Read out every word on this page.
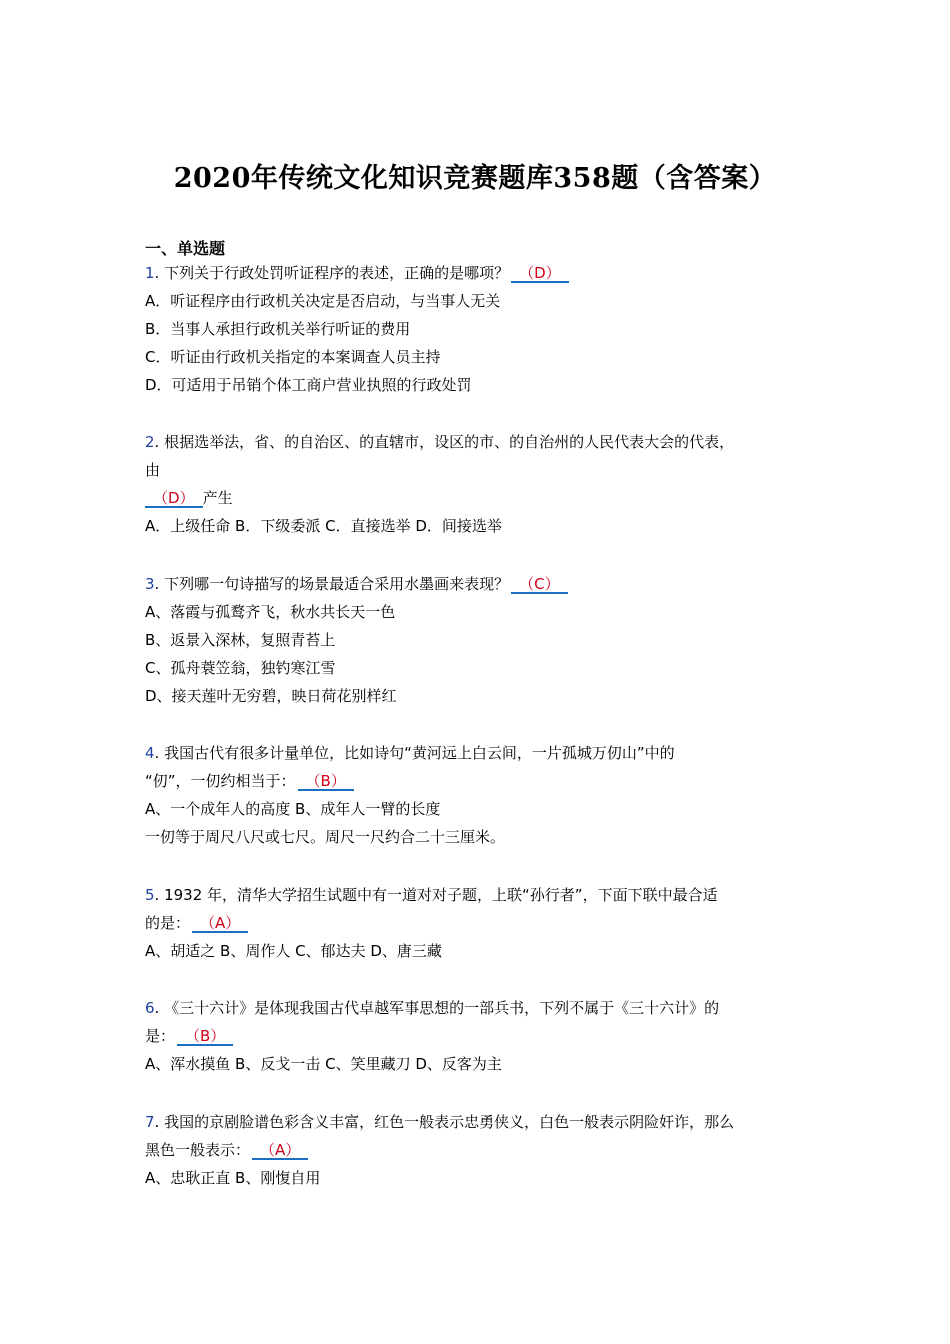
2020年传统文化知识竞赛题库358题（含答案）
一、单选题
1. 下列关于行政处罚听证程序的表述，正确的是哪项？ （D）
A．听证程序由行政机关决定是否启动，与当事人无关
B．当事人承担行政机关举行听证的费用
C．听证由行政机关指定的本案调查人员主持
D．可适用于吊销个体工商户营业执照的行政处罚
2. 根据选举法，省、的自治区、的直辖市，设区的市、的自治州的人民代表大会的代表，
由
（D） 产生
A．上级任命 B．下级委派 C．直接选举 D．间接选举
3. 下列哪一句诗描写的场景最适合采用水墨画来表现？ （C）
A、落霞与孤鹜齐飞，秋水共长天一色
B、返景入深林，复照青苔上
C、孤舟蓑笠翁，独钓寒江雪
D、接天莲叶无穷碧，映日荷花别样红
4. 我国古代有很多计量单位，比如诗句“黄河远上白云间，一片孤城万仞山”中的
“仞”，一仞约相当于： （B）
A、一个成年人的高度 B、成年人一臂的长度
一仞等于周尺八尺或七尺。周尺一尺约合二十三厘米。
5. 1932 年，清华大学招生试题中有一道对对子题，上联“孙行者”，下面下联中最合适
的是： （A）
A、胡适之 B、周作人 C、郁达夫 D、唐三藏
6. 《三十六计》是体现我国古代卓越军事思想的一部兵书，下列不属于《三十六计》的
是： （B）
A、浑水摸鱼 B、反戈一击 C、笑里藏刀 D、反客为主
7. 我国的京剧脸谱色彩含义丰富，红色一般表示忠勇侠义，白色一般表示阴险奸诈，那么
黑色一般表示： （A）
A、忠耿正直 B、刚愎自用
